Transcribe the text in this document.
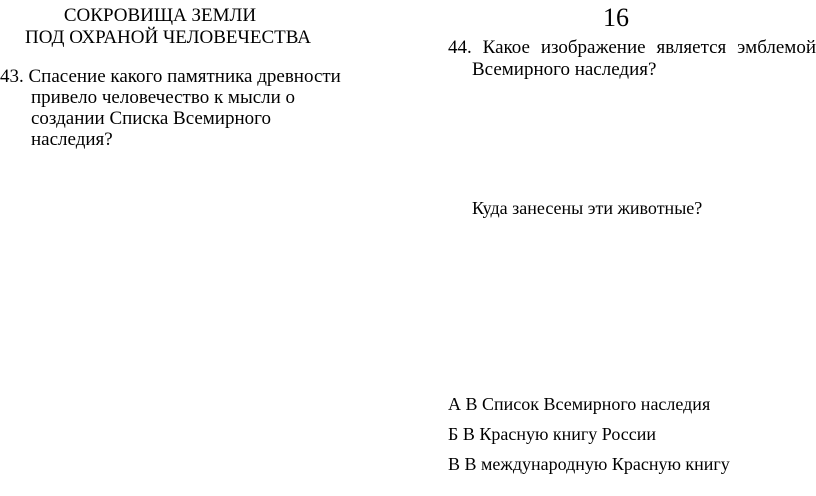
СОКРОВИЩА ЗЕМЛИ
ПОД ОХРАНОЙ ЧЕЛОВЕЧЕСТВА
43. Спасение какого памятника древности
привело человечество к мысли о
создании Списка Всемирного
наследия?
16
44. Какое изображение является эмблемой
Всемирного наследия?
Куда занесены эти животные?
А В Список Всемирного наследия
Б В Красную книгу России
В В международную Красную книгу
